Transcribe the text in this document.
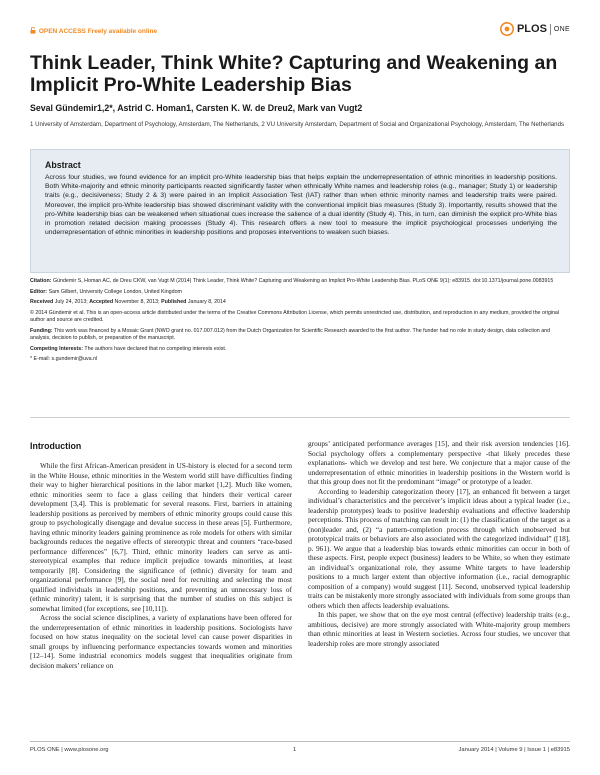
OPEN ACCESS Freely available online	PLOS ONE
Think Leader, Think White? Capturing and Weakening an Implicit Pro-White Leadership Bias
Seval Gündemir1,2*, Astrid C. Homan1, Carsten K. W. de Dreu2, Mark van Vugt2

1 University of Amsterdam, Department of Psychology, Amsterdam, The Netherlands, 2 VU University Amsterdam, Department of Social and Organizational Psychology, Amsterdam, The Netherlands

Abstract

Across four studies, we found evidence for an implicit pro-White leadership bias that helps explain the underrepresentation of ethnic minorities in leadership positions. Both White-majority and ethnic minority participants reacted significantly faster when ethnically White names and leadership roles (e.g., manager; Study 1) or leadership traits (e.g., decisiveness; Study 2 & 3) were paired in an Implicit Association Test (IAT) rather than when ethnic minority names and leadership traits were paired. Moreover, the implicit pro-White leadership bias showed discriminant validity with the conventional implicit bias measures (Study 3). Importantly, results showed that the pro-White leadership bias can be weakened when situational cues increase the salience of a dual identity (Study 4). This, in turn, can diminish the explicit pro-White bias in promotion related decision making processes (Study 4). This research offers a new tool to measure the implicit psychological processes underlying the underrepresentation of ethnic minorities in leadership positions and proposes interventions to weaken such biases.

Citation: Gündemir S, Homan AC, de Dreu CKW, van Vugt M (2014) Think Leader, Think White? Capturing and Weakening an Implicit Pro-White Leadership Bias. PLoS ONE 9(1): e83915. doi:10.1371/journal.pone.0083915

Editor: Sam Gilbert, University College London, United Kingdom

Received July 24, 2013; Accepted November 8, 2013; Published January 8, 2014

© 2014 Gündemir et al. This is an open-access article distributed under the terms of the Creative Commons Attribution License, which permits unrestricted use, distribution, and reproduction in any medium, provided the original author and source are credited.

Funding: This work was financed by a Mosaic Grant (NWO grant no. 017.007.012) from the Dutch Organization for Scientific Research awarded to the first author. The funder had no role in study design, data collection and analysis, decision to publish, or preparation of the manuscript.

Competing Interests: The authors have declared that no competing interests exist.

* E-mail: s.gundemir@uva.nl

Introduction

While the first African-American president in US-history is elected for a second term in the White House, ethnic minorities in the Western world still have difficulties finding their way to higher hierarchical positions in the labor market [1,2]. Much like women, ethnic minorities seem to face a glass ceiling that hinders their vertical career development [3,4]. This is problematic for several reasons. First, barriers in attaining leadership positions as perceived by members of ethnic minority groups could cause this group to psychologically disengage and devalue success in these areas [5]. Furthermore, having ethnic minority leaders gaining prominence as role models for others with similar backgrounds reduces the negative effects of stereotypic threat and counters “race-based performance differences” [6,7]. Third, ethnic minority leaders can serve as anti-stereotypical examples that reduce implicit prejudice towards minorities, at least temporarily [8]. Considering the significance of (ethnic) diversity for team and organizational performance [9], the social need for recruiting and selecting the most qualified individuals in leadership positions, and preventing an unnecessary loss of (ethnic minority) talent, it is surprising that the number of studies on this subject is somewhat limited (for exceptions, see [10,11]).

Across the social science disciplines, a variety of explanations have been offered for the underrepresentation of ethnic minorities in leadership positions. Sociologists have focused on how status inequality on the societal level can cause power disparities in small groups by influencing performance expectancies towards women and minorities [12–14]. Some industrial economics models suggest that inequalities originate from decision makers’ reliance on

groups’ anticipated performance averages [15], and their risk aversion tendencies [16]. Social psychology offers a complementary perspective -that likely precedes these explanations- which we develop and test here. We conjecture that a major cause of the underrepresentation of ethnic minorities in leadership positions in the Western world is that this group does not fit the predominant “image” or prototype of a leader.

According to leadership categorization theory [17], an enhanced fit between a target individual’s characteristics and the perceiver’s implicit ideas about a typical leader (i.e., leadership prototypes) leads to positive leadership evaluations and effective leadership perceptions. This process of matching can result in: (1) the classification of the target as a (non)leader and, (2) “a pattern-completion process through which unobserved but prototypical traits or behaviors are also associated with the categorized individual” ([18], p. 961). We argue that a leadership bias towards ethnic minorities can occur in both of these aspects. First, people expect (business) leaders to be White, so when they estimate an individual’s organizational role, they assume White targets to have leadership positions to a much larger extent than objective information (i.e., racial demographic composition of a company) would suggest [11]. Second, unobserved typical leadership traits can be mistakenly more strongly associated with individuals from some groups than others which then affects leadership evaluations.

In this paper, we show that on the eye most central (effective) leadership traits (e.g., ambitious, decisive) are more strongly associated with White-majority group members than ethnic minorities at least in Western societies. Across four studies, we uncover that leadership roles are more strongly associated

PLOS ONE | www.plosone.org	1	January 2014 | Volume 9 | Issue 1 | e83915
